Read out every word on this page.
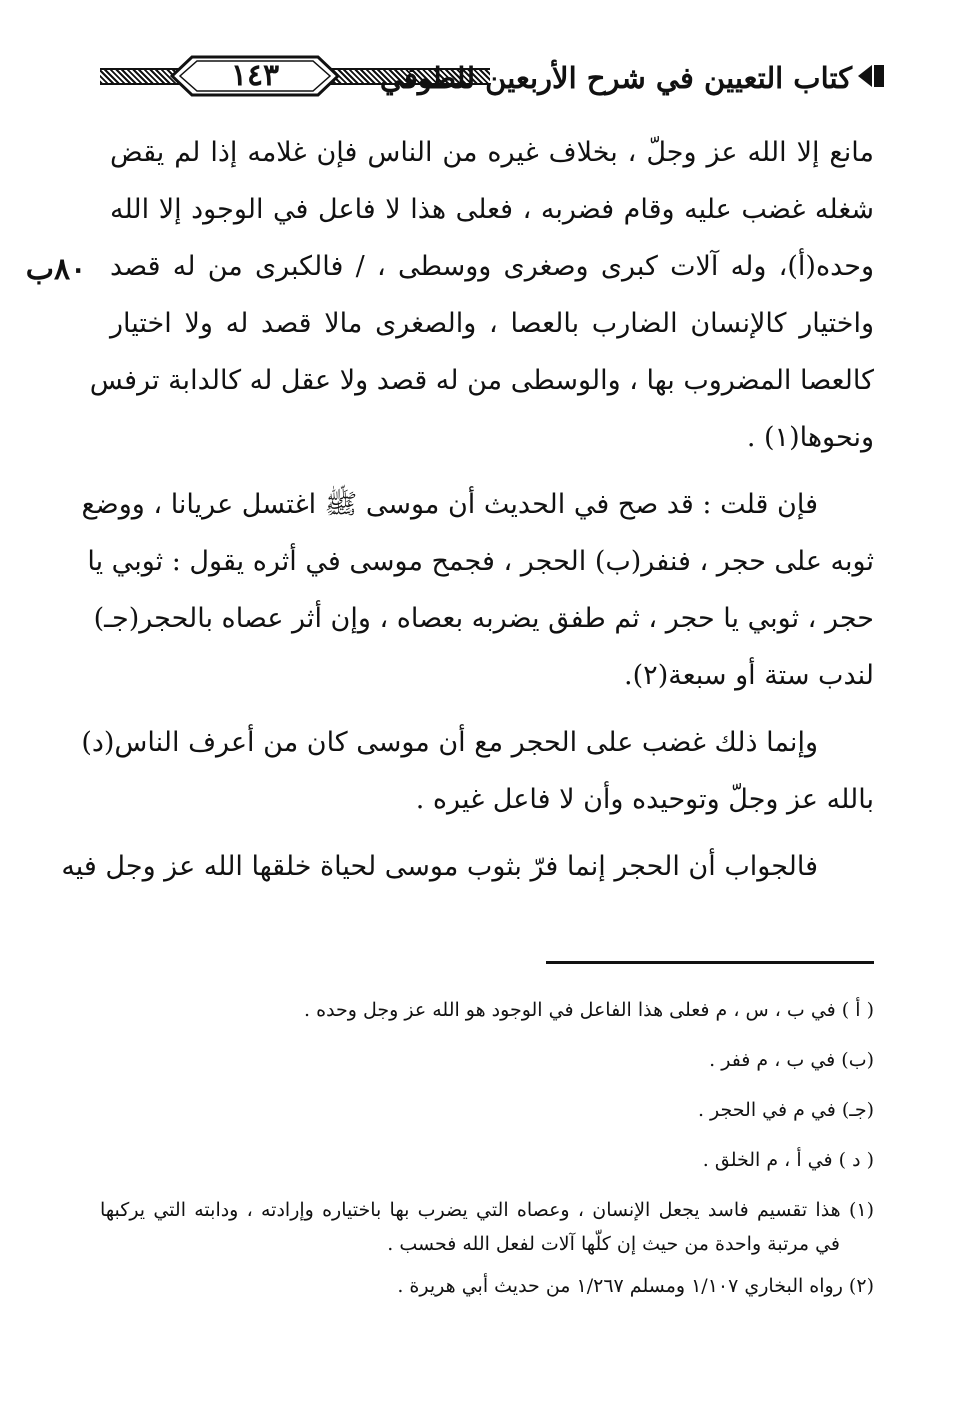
١٤٣	كتاب التعيين في شرح الأربعين للطوفي
٨٠ب
مانع إلا الله عز وجلّ ، بخلاف غيره من الناس فإن غلامه إذا لم يقض
شغله غضب عليه وقام فضربه ، فعلى هذا لا فاعل في الوجود إلا الله
وحده(أ)، وله آلات كبرى وصغرى ووسطى ، / فالكبرى من له قصد
واختيار كالإنسان الضارب بالعصا ، والصغرى مالا قصد له ولا اختيار
كالعصا المضروب بها ، والوسطى من له قصد ولا عقل له كالدابة ترفس
ونحوها(١) .
فإن قلت : قد صح في الحديث أن موسى ﷺ اغتسل عريانا ، ووضع
ثوبه على حجر ، فنفر(ب) الحجر ، فجمح موسى في أثره يقول : ثوبي يا
حجر ، ثوبي يا حجر ، ثم طفق يضربه بعصاه ، وإن أثر عصاه بالحجر(جـ)
لندب ستة أو سبعة(٢).
وإنما ذلك غضب على الحجر مع أن موسى كان من أعرف الناس(د)
بالله عز وجلّ وتوحيده وأن لا فاعل غيره .
فالجواب أن الحجر إنما فرّ بثوب موسى لحياة خلقها الله عز وجل فيه
( أ ) في ب ، س ، م فعلى هذا الفاعل في الوجود هو الله عز وجل وحده .
(ب) في ب ، م ففر .
(جـ) في م في الحجر .
( د ) في أ ، م الخلق .
(١) هذا تقسيم فاسد يجعل الإنسان ، وعصاه التي يضرب بها باختياره وإرادته ، ودابته التي يركبها
في مرتبة واحدة من حيث إن كلّها آلات لفعل الله فحسب .
(٢) رواه البخاري ١/١٠٧ ومسلم ١/٢٦٧ من حديث أبي هريرة .
